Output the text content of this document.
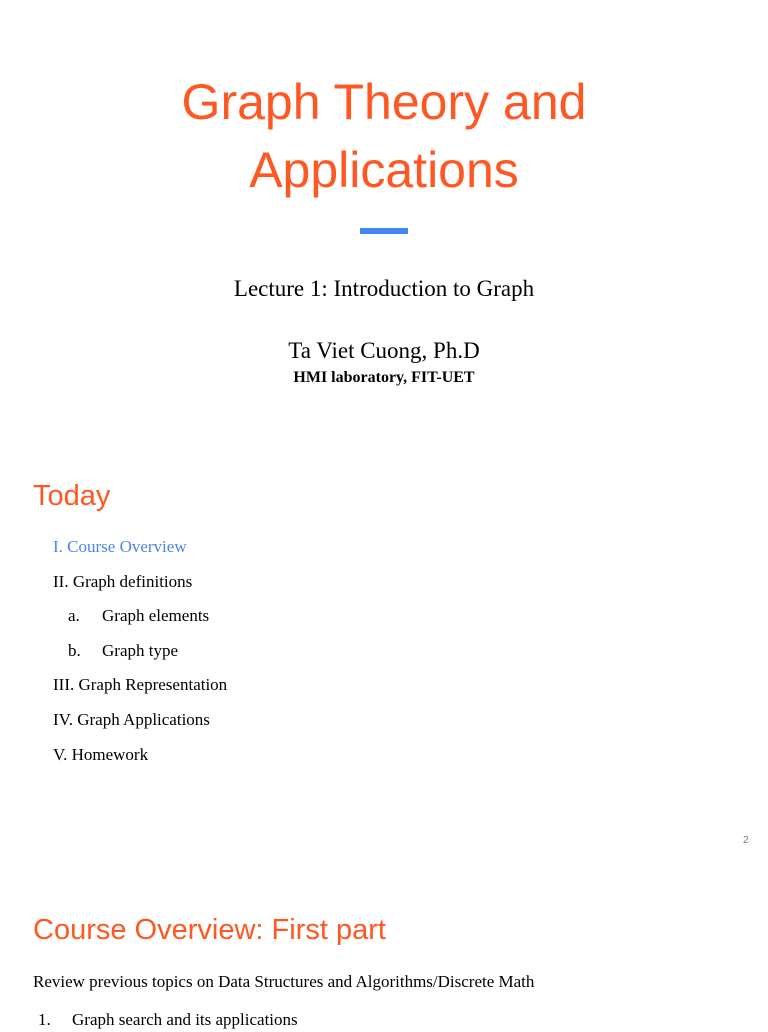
Graph Theory and
Applications
Lecture 1: Introduction to Graph
Ta Viet Cuong, Ph.D
HMI laboratory, FIT-UET
Today
I. Course Overview
II. Graph definitions
a. Graph elements
b. Graph type
III. Graph Representation
IV. Graph Applications
V. Homework
2
Course Overview: First part
Review previous topics on Data Structures and Algorithms/Discrete Math
1. Graph search and its applications
